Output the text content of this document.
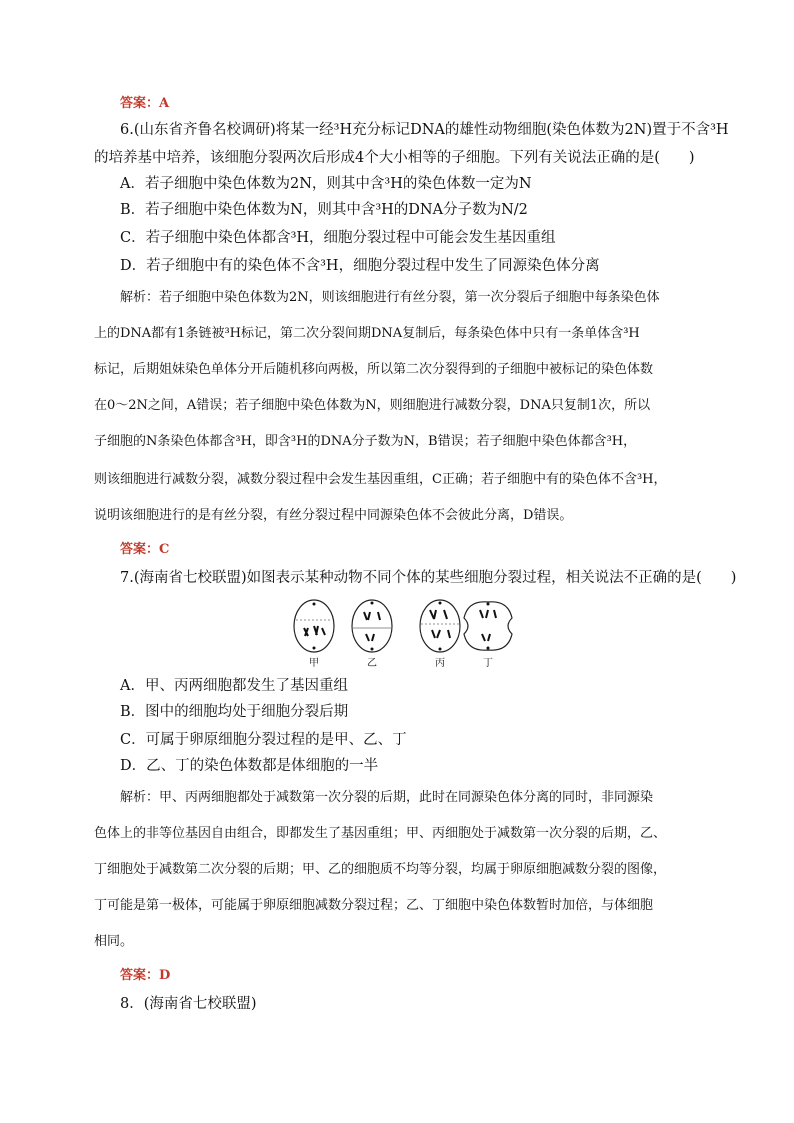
答案：A
6.(山东省齐鲁名校调研)将某一经³H充分标记DNA的雄性动物细胞(染色体数为2N)置于不含³H
的培养基中培养，该细胞分裂两次后形成4个大小相等的子细胞。下列有关说法正确的是(　　)
A．若子细胞中染色体数为2N，则其中含³H的染色体数一定为N
B．若子细胞中染色体数为N，则其中含³H的DNA分子数为N/2
C．若子细胞中染色体都含³H，细胞分裂过程中可能会发生基因重组
D．若子细胞中有的染色体不含³H，细胞分裂过程中发生了同源染色体分离
解析：若子细胞中染色体数为2N，则该细胞进行有丝分裂，第一次分裂后子细胞中每条染色体
上的DNA都有1条链被³H标记，第二次分裂间期DNA复制后，每条染色体中只有一条单体含³H
标记，后期姐妹染色单体分开后随机移向两极，所以第二次分裂得到的子细胞中被标记的染色体数
在0～2N之间，A错误；若子细胞中染色体数为N，则细胞进行减数分裂，DNA只复制1次，所以
子细胞的N条染色体都含³H，即含³H的DNA分子数为N，B错误；若子细胞中染色体都含³H，
则该细胞进行减数分裂，减数分裂过程中会发生基因重组，C正确；若子细胞中有的染色体不含³H，
说明该细胞进行的是有丝分裂，有丝分裂过程中同源染色体不会彼此分离，D错误。
答案：C
7.(海南省七校联盟)如图表示某种动物不同个体的某些细胞分裂过程，相关说法不正确的是(　　)
甲	乙	丙	丁
A．甲、丙两细胞都发生了基因重组
B．图中的细胞均处于细胞分裂后期
C．可属于卵原细胞分裂过程的是甲、乙、丁
D．乙、丁的染色体数都是体细胞的一半
解析：甲、丙两细胞都处于减数第一次分裂的后期，此时在同源染色体分离的同时，非同源染
色体上的非等位基因自由组合，即都发生了基因重组；甲、丙细胞处于减数第一次分裂的后期，乙、
丁细胞处于减数第二次分裂的后期；甲、乙的细胞质不均等分裂，均属于卵原细胞减数分裂的图像，
丁可能是第一极体，可能属于卵原细胞减数分裂过程；乙、丁细胞中染色体数暂时加倍，与体细胞
相同。
答案：D
8．(海南省七校联盟)
